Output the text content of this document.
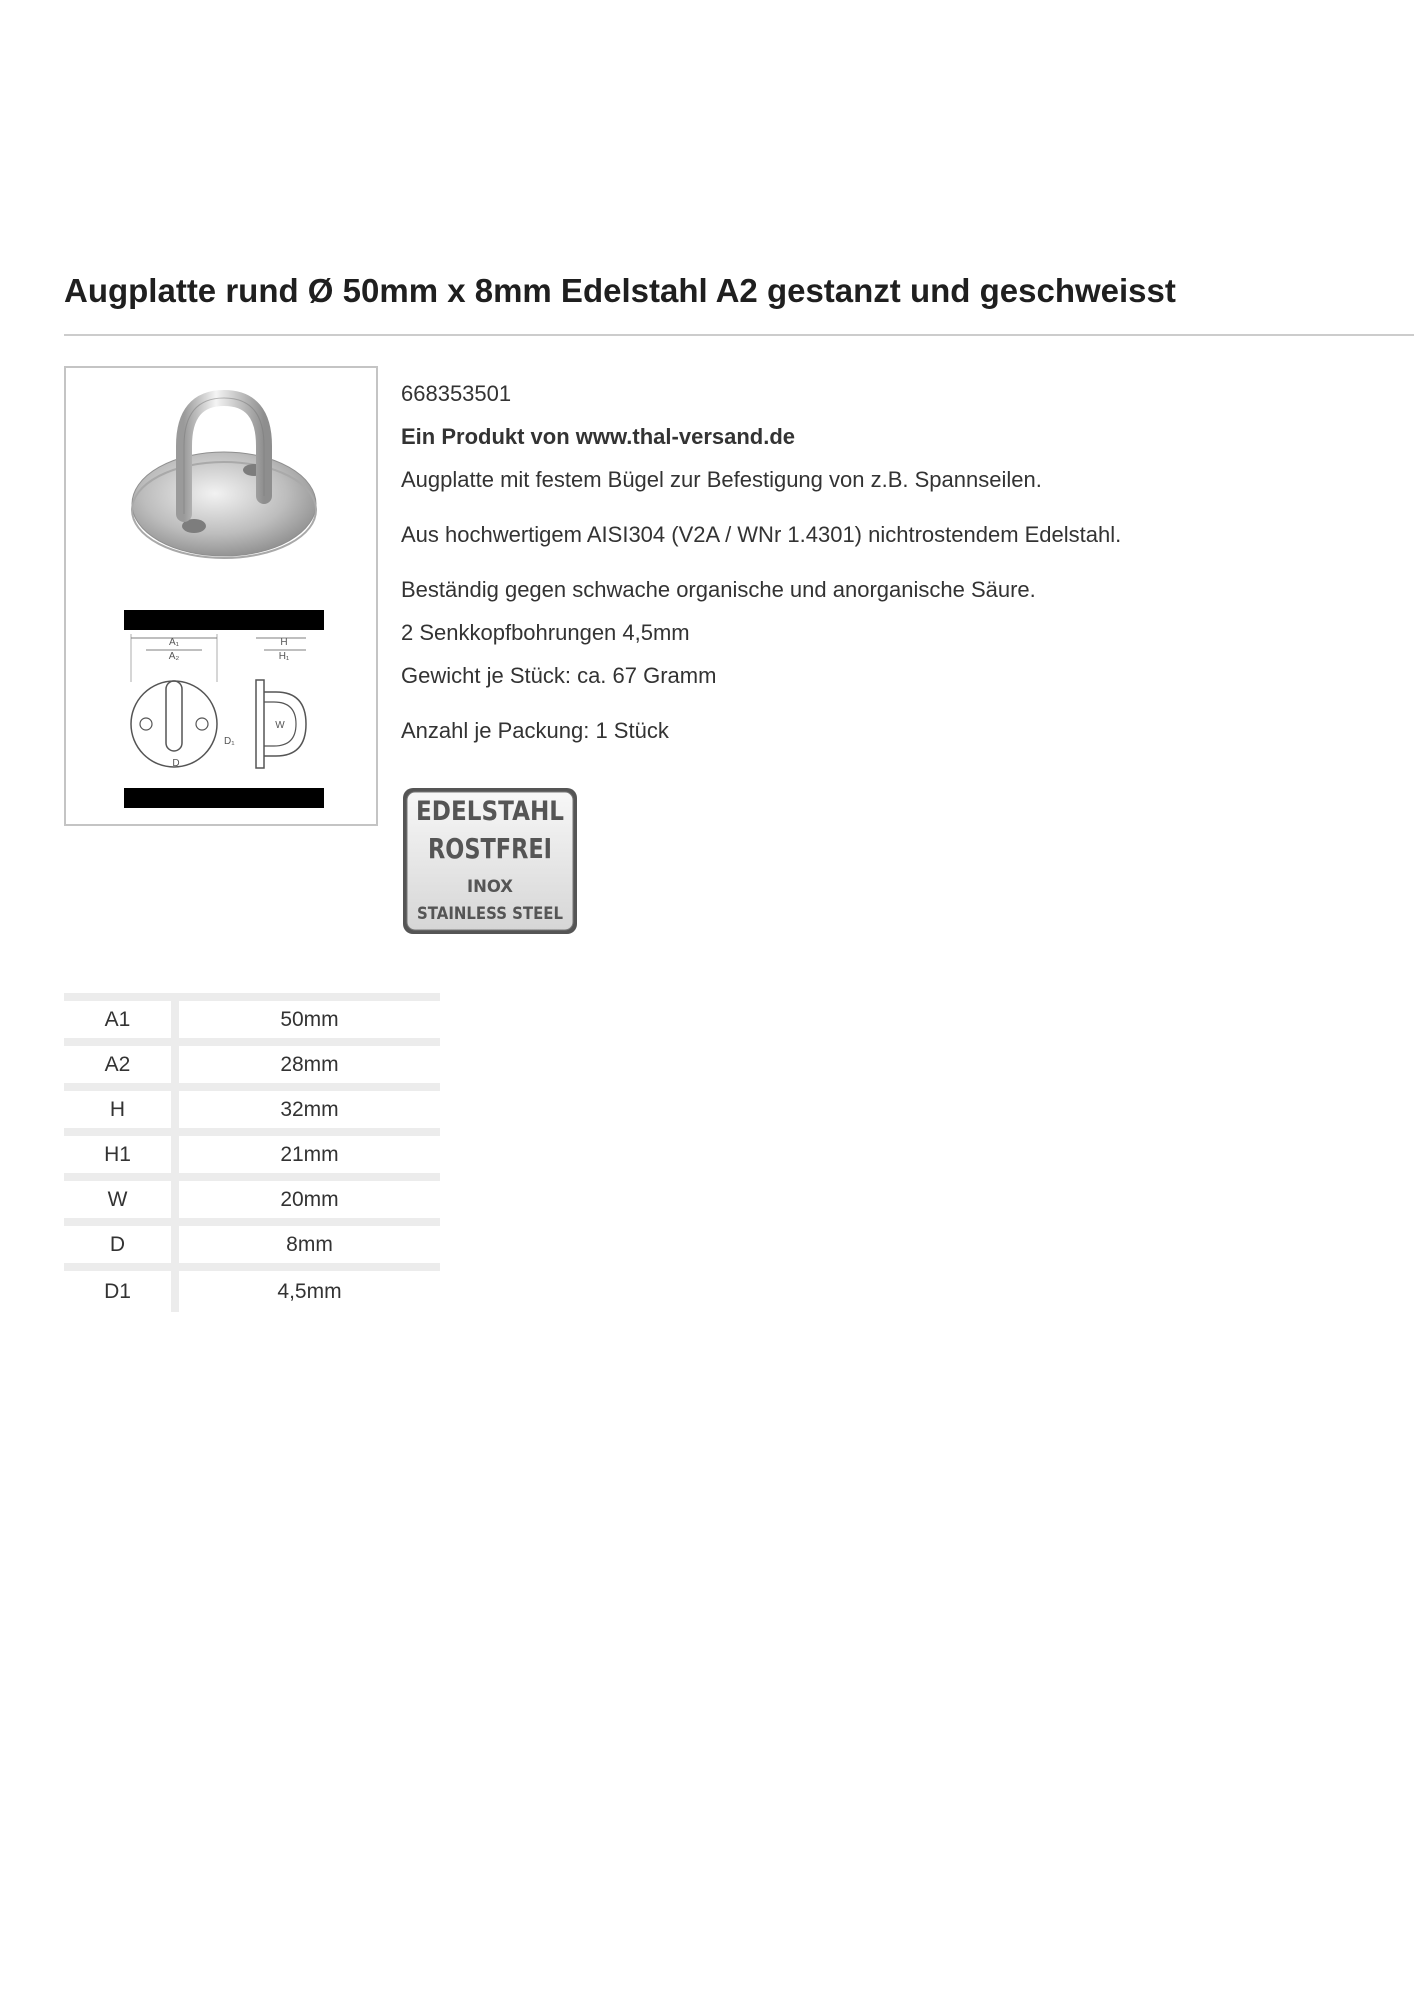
Augplatte rund Ø 50mm x 8mm Edelstahl A2 gestanzt und geschweisst
A₁
A₂
D
D₁
H
H₁
W

668353501

Ein Produkt von www.thal-versand.de

Augplatte mit festem Bügel zur Befestigung von z.B. Spannseilen.

Aus hochwertigem AISI304 (V2A / WNr 1.4301) nichtrostendem Edelstahl.

Beständig gegen schwache organische und anorganische Säure.

2 Senkkopfbohrungen 4,5mm

Gewicht je Stück: ca. 67 Gramm

Anzahl je Packung: 1 Stück

EDELSTAHL
ROSTFREI
INOX
STAINLESS STEEL
A1	50mm
A2	28mm
H	32mm
H1	21mm
W	20mm
D	8mm
D1	4,5mm
